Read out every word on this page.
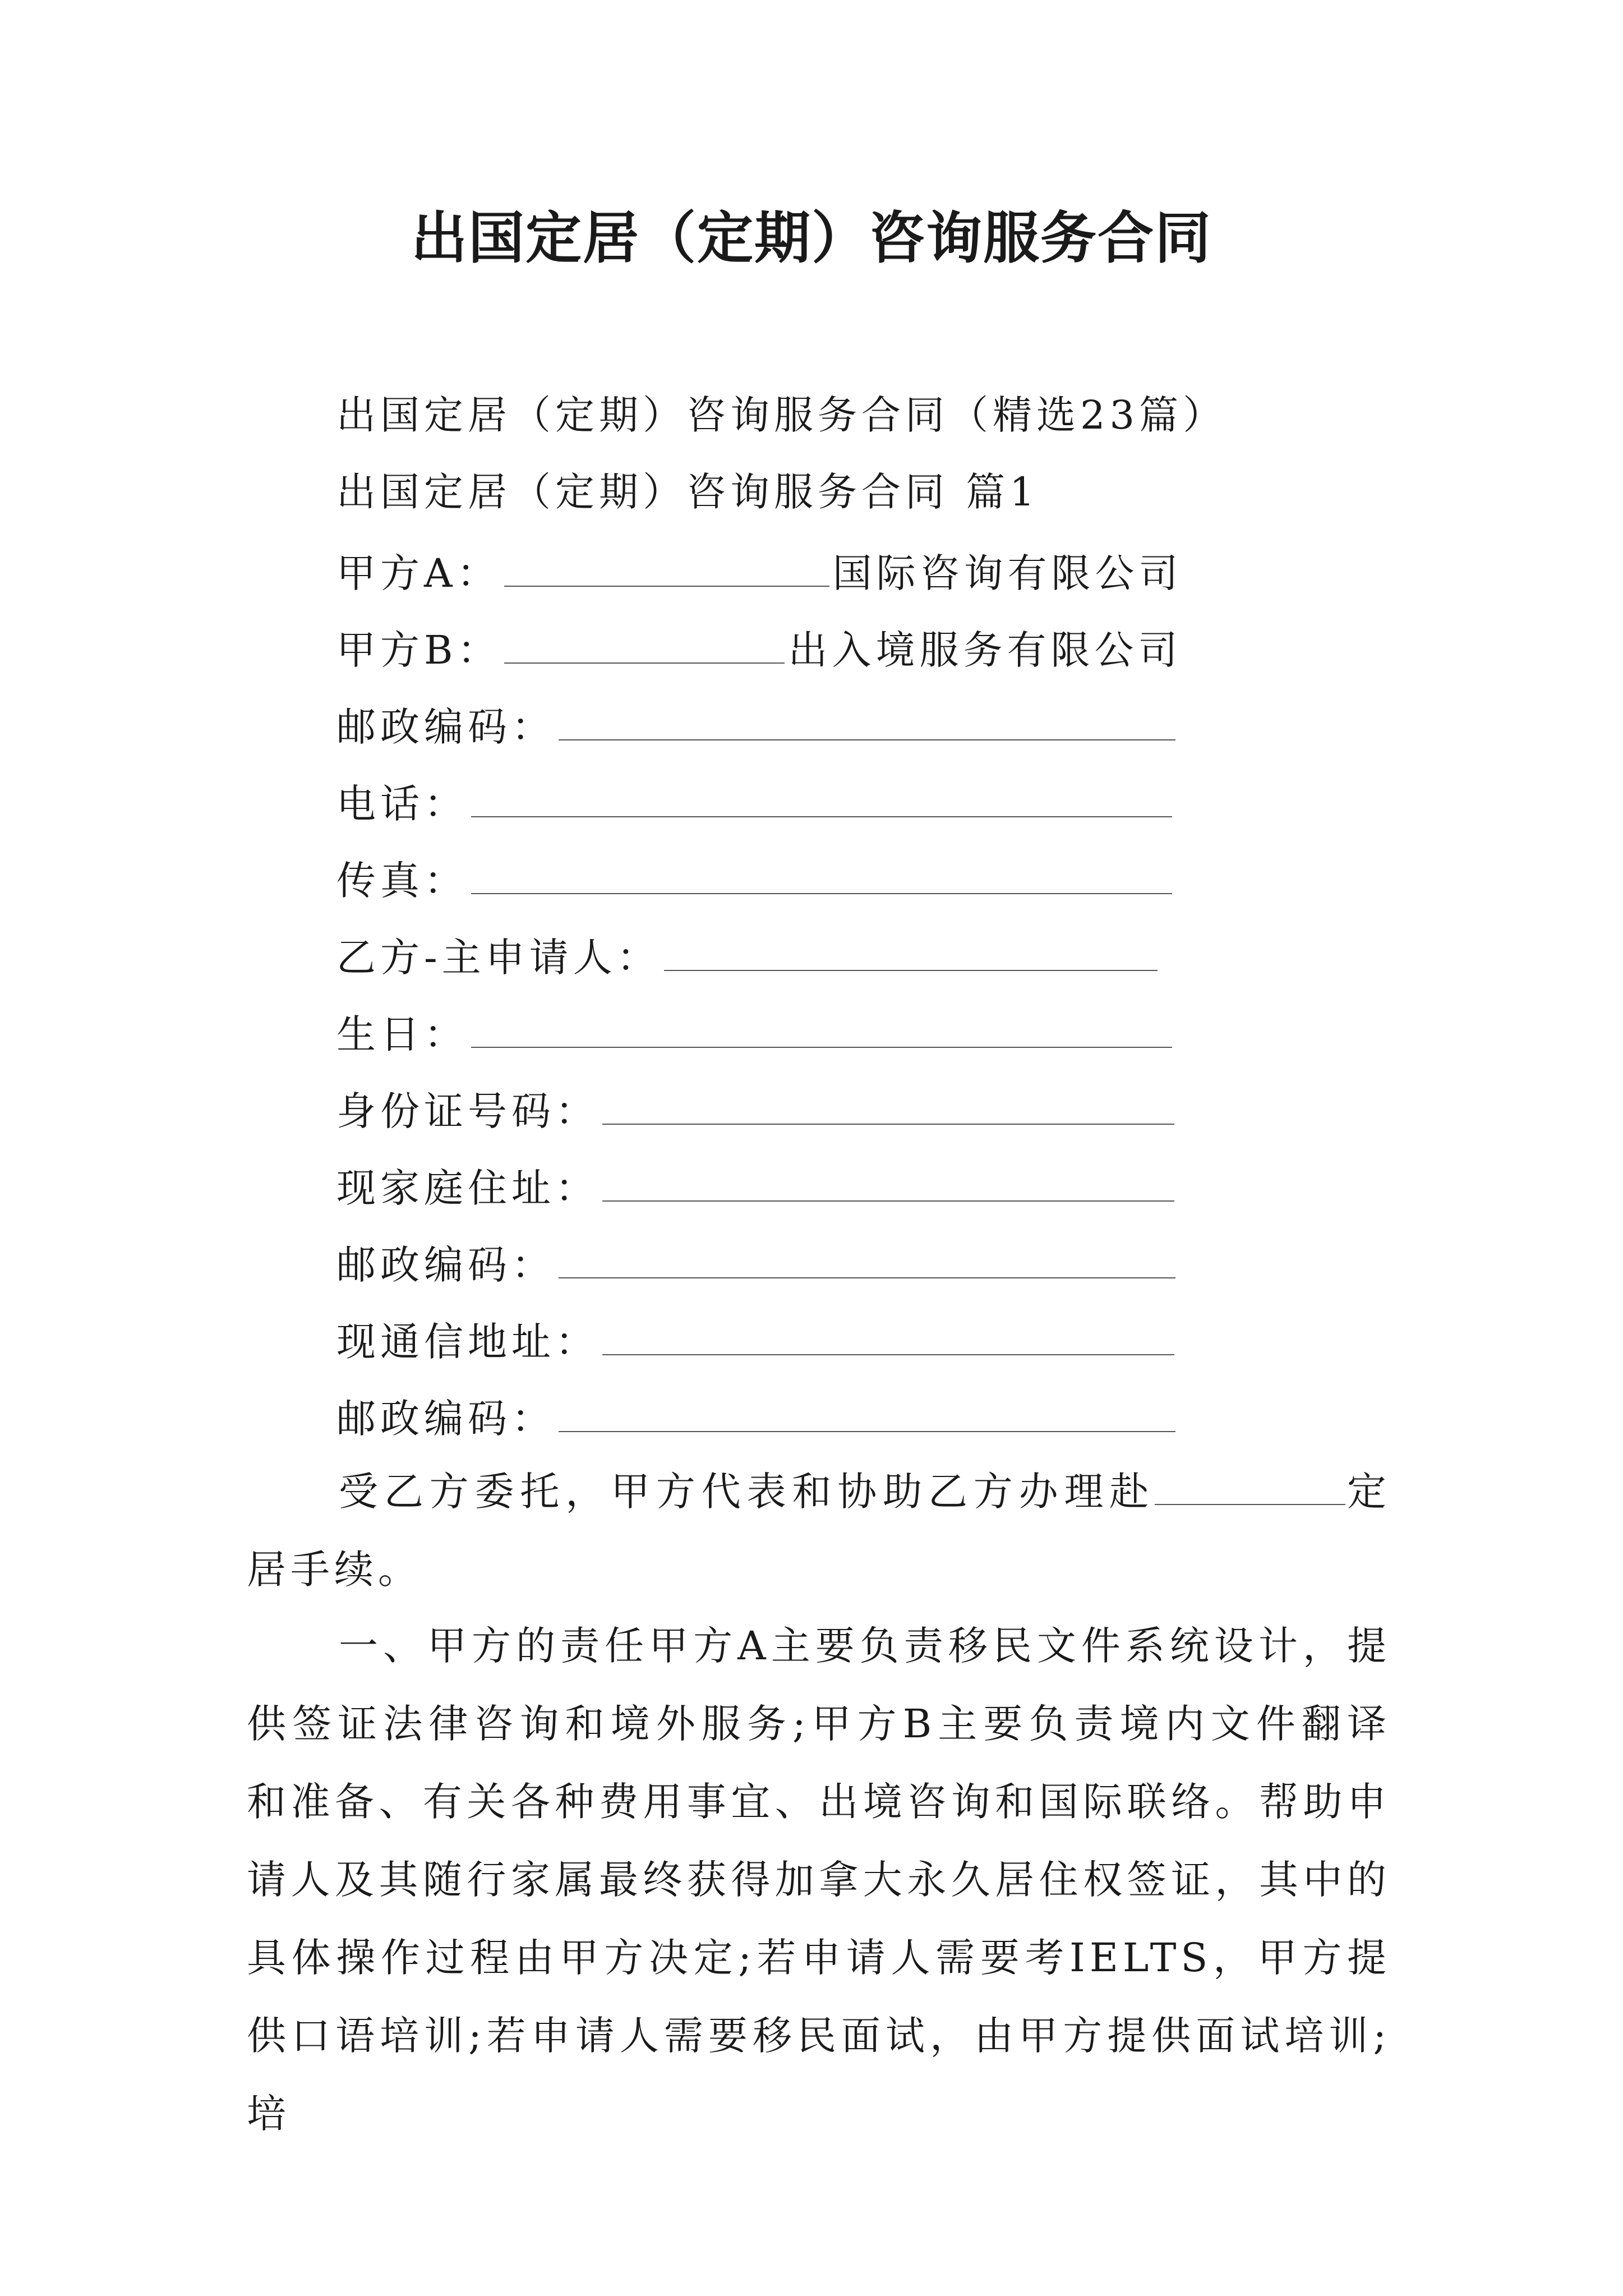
出国定居（定期）咨询服务合同
出国定居（定期）咨询服务合同（精选23篇）
出国定居（定期）咨询服务合同 篇1
甲方A：	国际咨询有限公司
甲方B：	出入境服务有限公司
邮政编码：
电话：
传真：
乙方-主申请人：
生日：
身份证号码：
现家庭住址：
邮政编码：
现通信地址：
邮政编码：
受乙方委托，甲方代表和协助乙方办理赴	定居手续。
一、甲方的责任甲方A主要负责移民文件系统设计，提供签证法律咨询和境外服务;甲方B主要负责境内文件翻译和准备、有关各种费用事宜、出境咨询和国际联络。帮助申请人及其随行家属最终获得加拿大永久居住权签证，其中的具体操作过程由甲方决定;若申请人需要考IELTS，甲方提供口语培训;若申请人需要移民面试，由甲方提供面试培训;培
